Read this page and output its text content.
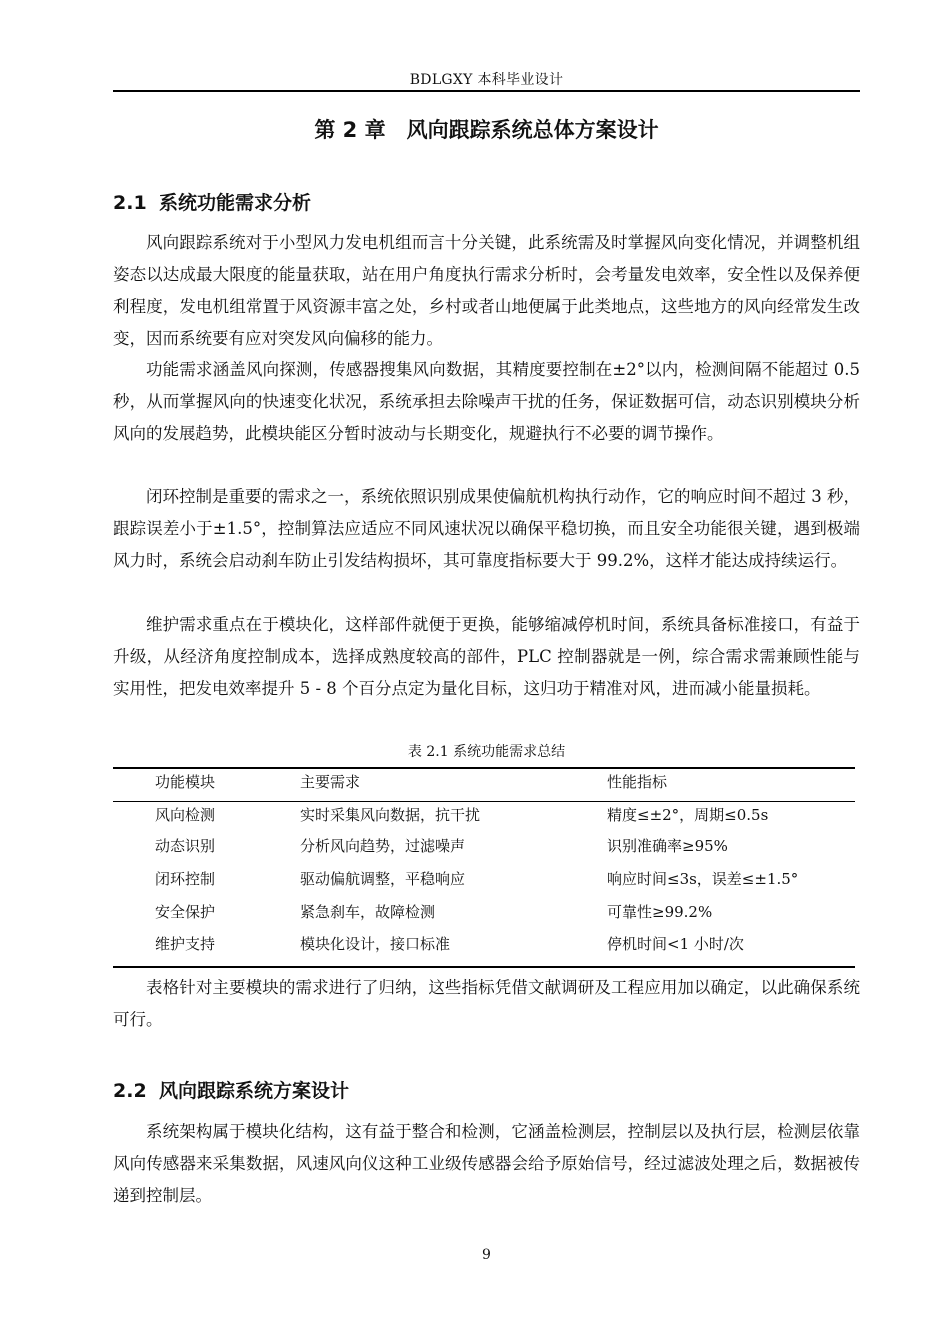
BDLGXY 本科毕业设计
第 2 章　风向跟踪系统总体方案设计
2.1 系统功能需求分析

风向跟踪系统对于小型风力发电机组而言十分关键，此系统需及时掌握风向变化情况，并调整机组姿态以达成最大限度的能量获取，站在用户角度执行需求分析时，会考量发电效率，安全性以及保养便利程度，发电机组常置于风资源丰富之处，乡村或者山地便属于此类地点，这些地方的风向经常发生改变，因而系统要有应对突发风向偏移的能力。

功能需求涵盖风向探测，传感器搜集风向数据，其精度要控制在±2°以内，检测间隔不能超过 0.5 秒，从而掌握风向的快速变化状况，系统承担去除噪声干扰的任务，保证数据可信，动态识别模块分析风向的发展趋势，此模块能区分暂时波动与长期变化，规避执行不必要的调节操作。

闭环控制是重要的需求之一，系统依照识别成果使偏航机构执行动作，它的响应时间不超过 3 秒，跟踪误差小于±1.5°，控制算法应适应不同风速状况以确保平稳切换，而且安全功能很关键，遇到极端风力时，系统会启动刹车防止引发结构损坏，其可靠度指标要大于 99.2%，这样才能达成持续运行。

维护需求重点在于模块化，这样部件就便于更换，能够缩减停机时间，系统具备标准接口，有益于升级，从经济角度控制成本，选择成熟度较高的部件，PLC 控制器就是一例，综合需求需兼顾性能与实用性，把发电效率提升 5 - 8 个百分点定为量化目标，这归功于精准对风，进而减小能量损耗。

表 2.1 系统功能需求总结
功能模块	主要需求	性能指标
风向检测	实时采集风向数据，抗干扰	精度≤±2°，周期≤0.5s
动态识别	分析风向趋势，过滤噪声	识别准确率≥95%
闭环控制	驱动偏航调整，平稳响应	响应时间≤3s，误差≤±1.5°
安全保护	紧急刹车，故障检测	可靠性≥99.2%
维护支持	模块化设计，接口标准	停机时间<1 小时/次

表格针对主要模块的需求进行了归纳，这些指标凭借文献调研及工程应用加以确定，以此确保系统可行。

2.2 风向跟踪系统方案设计

系统架构属于模块化结构，这有益于整合和检测，它涵盖检测层，控制层以及执行层，检测层依靠风向传感器来采集数据，风速风向仪这种工业级传感器会给予原始信号，经过滤波处理之后，数据被传递到控制层。

9
